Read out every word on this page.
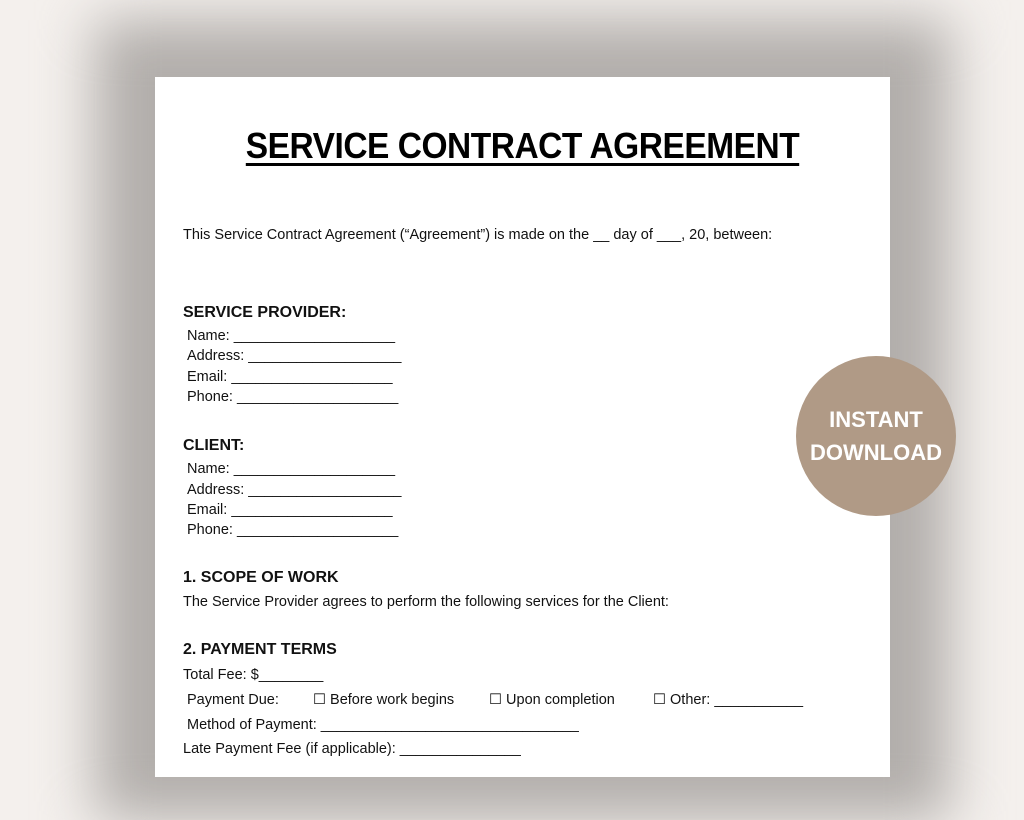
SERVICE CONTRACT AGREEMENT
This Service Contract Agreement (“Agreement”) is made on the __ day of ___, 20, between:
SERVICE PROVIDER:
Name: ____________________
Address: ___________________
Email: ____________________
Phone: ____________________
CLIENT:
Name: ____________________
Address: ___________________
Email: ____________________
Phone: ____________________
1. SCOPE OF WORK
The Service Provider agrees to perform the following services for the Client:
2. PAYMENT TERMS
Total Fee: $________
Payment Due: ☐ Before work begins ☐ Upon completion	☐ Other: ___________
Method of Payment: ________________________________
Late Payment Fee (if applicable): _______________
INSTANT
DOWNLOAD
